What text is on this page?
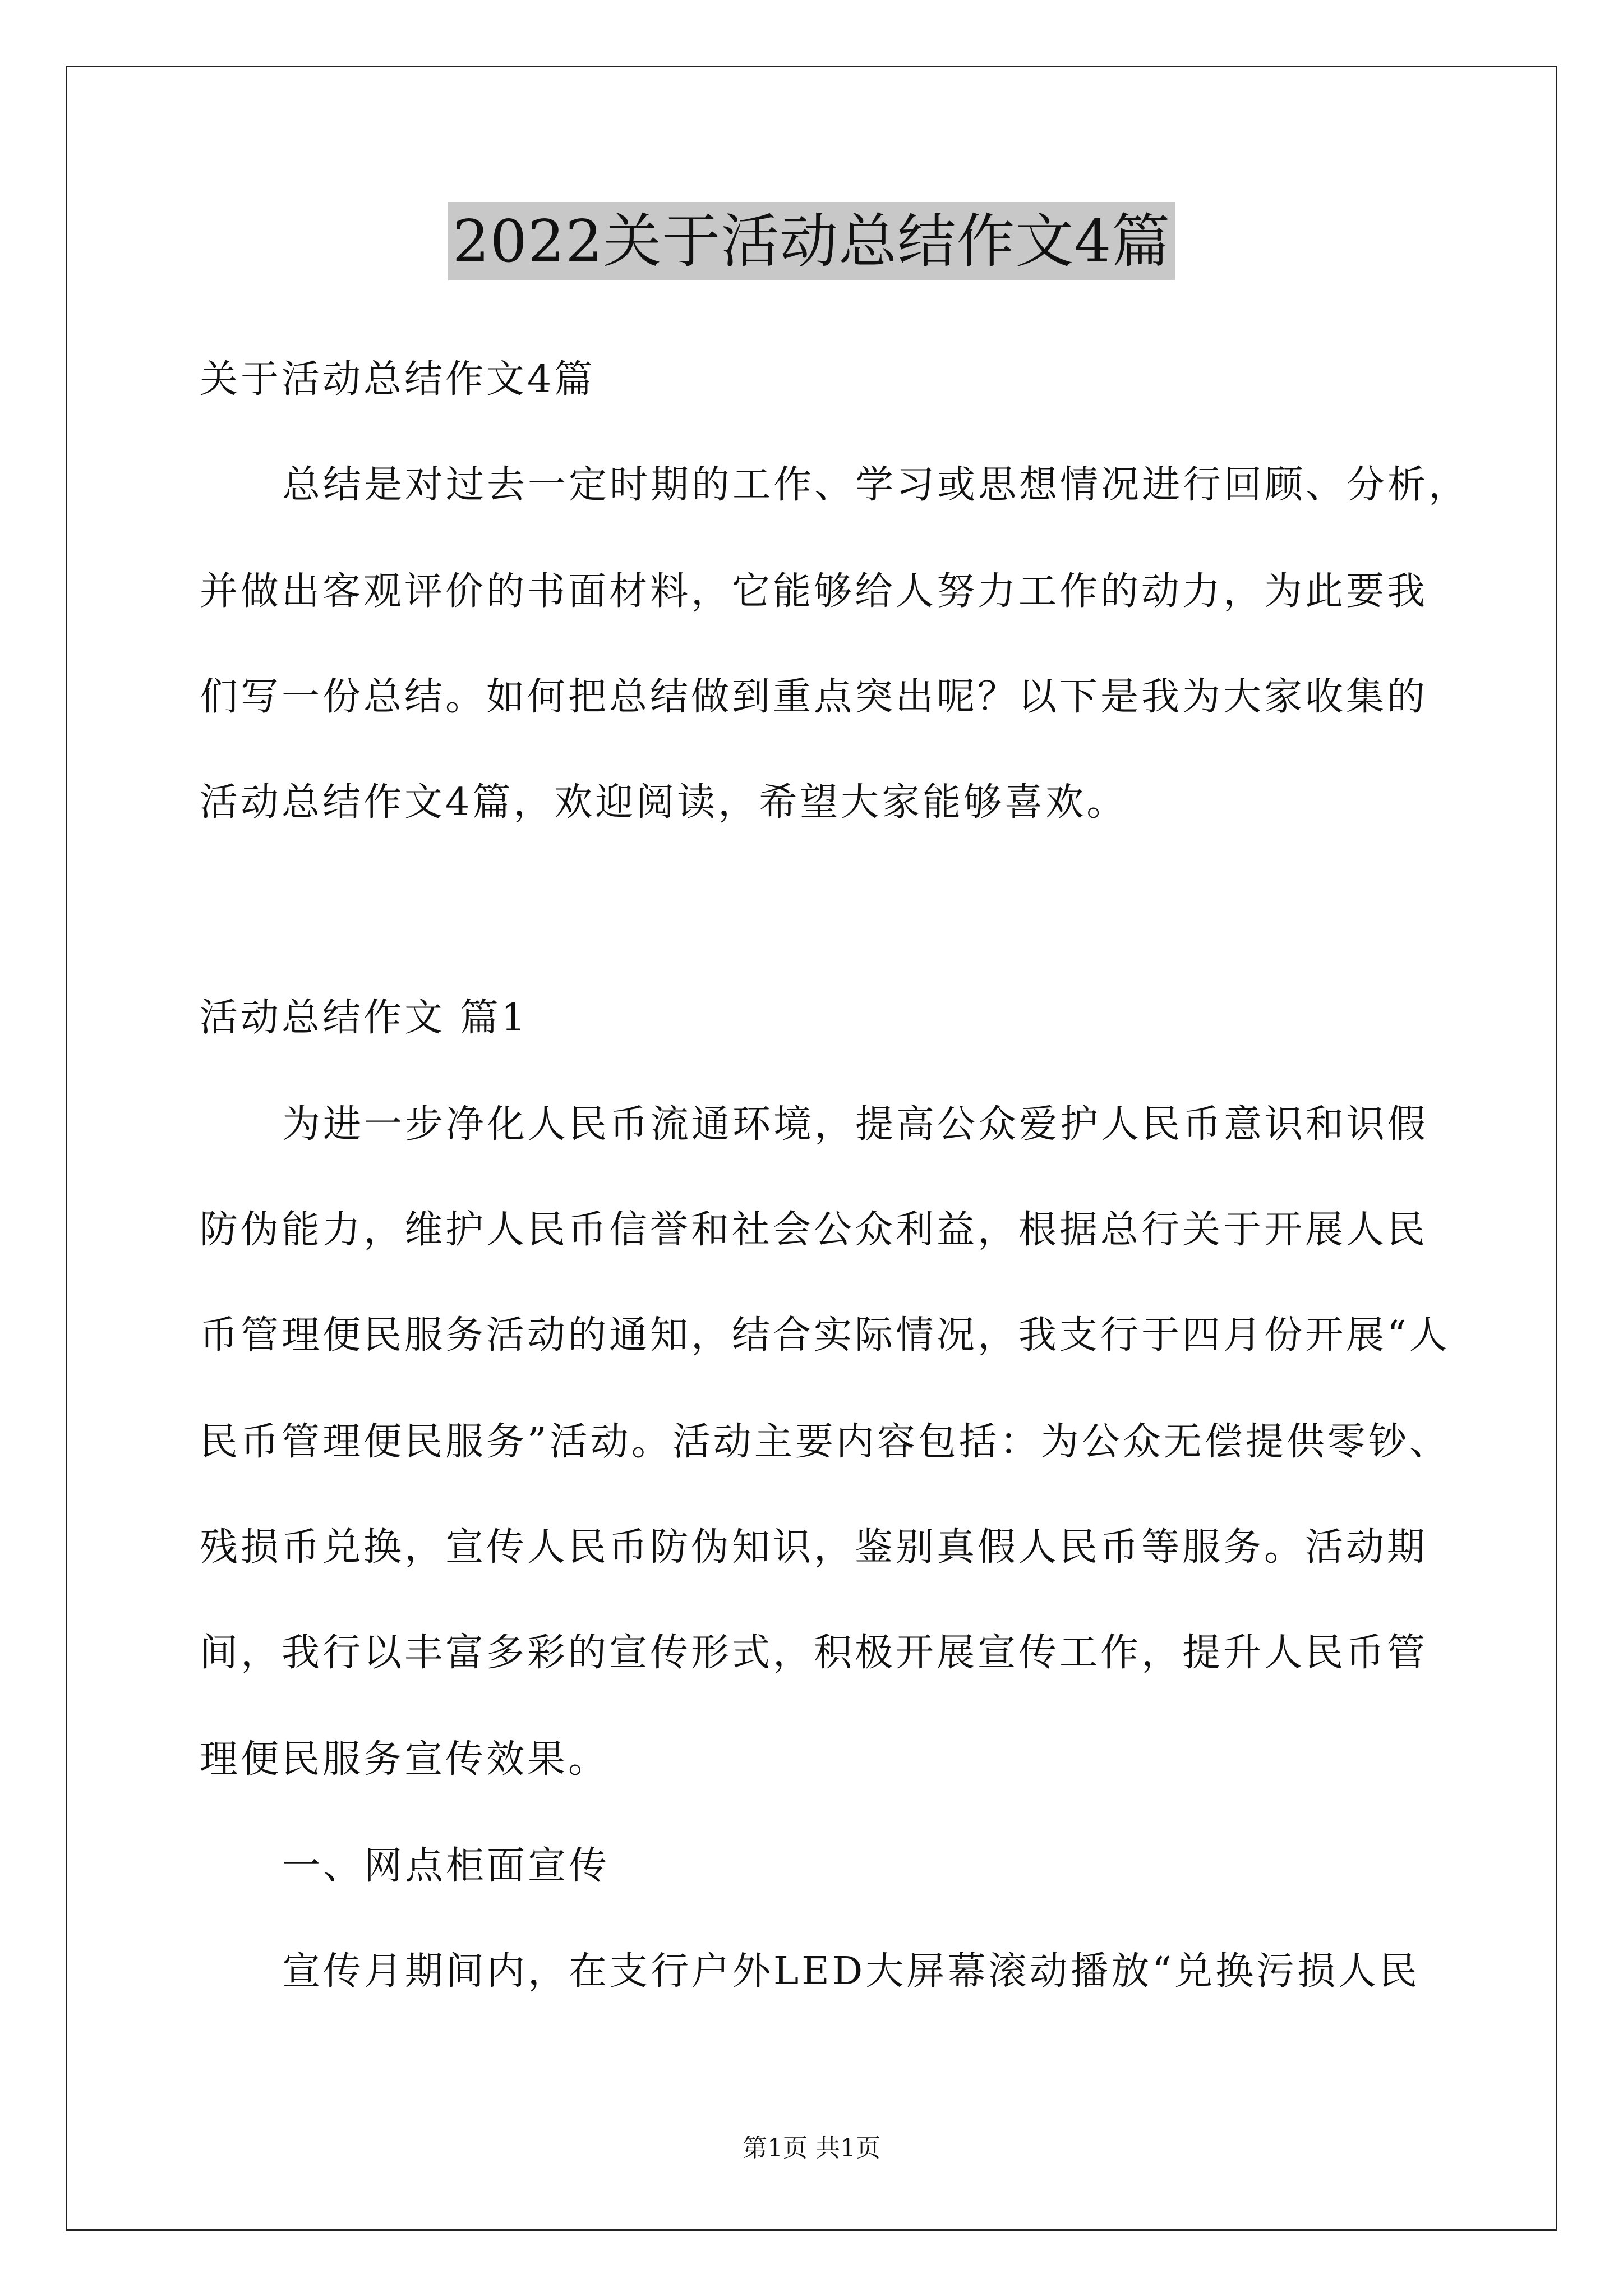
2022关于活动总结作文4篇
关于活动总结作文4篇
总结是对过去一定时期的工作、学习或思想情况进行回顾、分析，
并做出客观评价的书面材料，它能够给人努力工作的动力，为此要我
们写一份总结。如何把总结做到重点突出呢？以下是我为大家收集的
活动总结作文4篇，欢迎阅读，希望大家能够喜欢。
活动总结作文 篇1
为进一步净化人民币流通环境，提高公众爱护人民币意识和识假
防伪能力，维护人民币信誉和社会公众利益，根据总行关于开展人民
币管理便民服务活动的通知，结合实际情况，我支行于四月份开展“人
民币管理便民服务”活动。活动主要内容包括：为公众无偿提供零钞、
残损币兑换，宣传人民币防伪知识，鉴别真假人民币等服务。活动期
间，我行以丰富多彩的宣传形式，积极开展宣传工作，提升人民币管
理便民服务宣传效果。
一、网点柜面宣传
宣传月期间内，在支行户外LED大屏幕滚动播放“兑换污损人民
第1页 共1页
